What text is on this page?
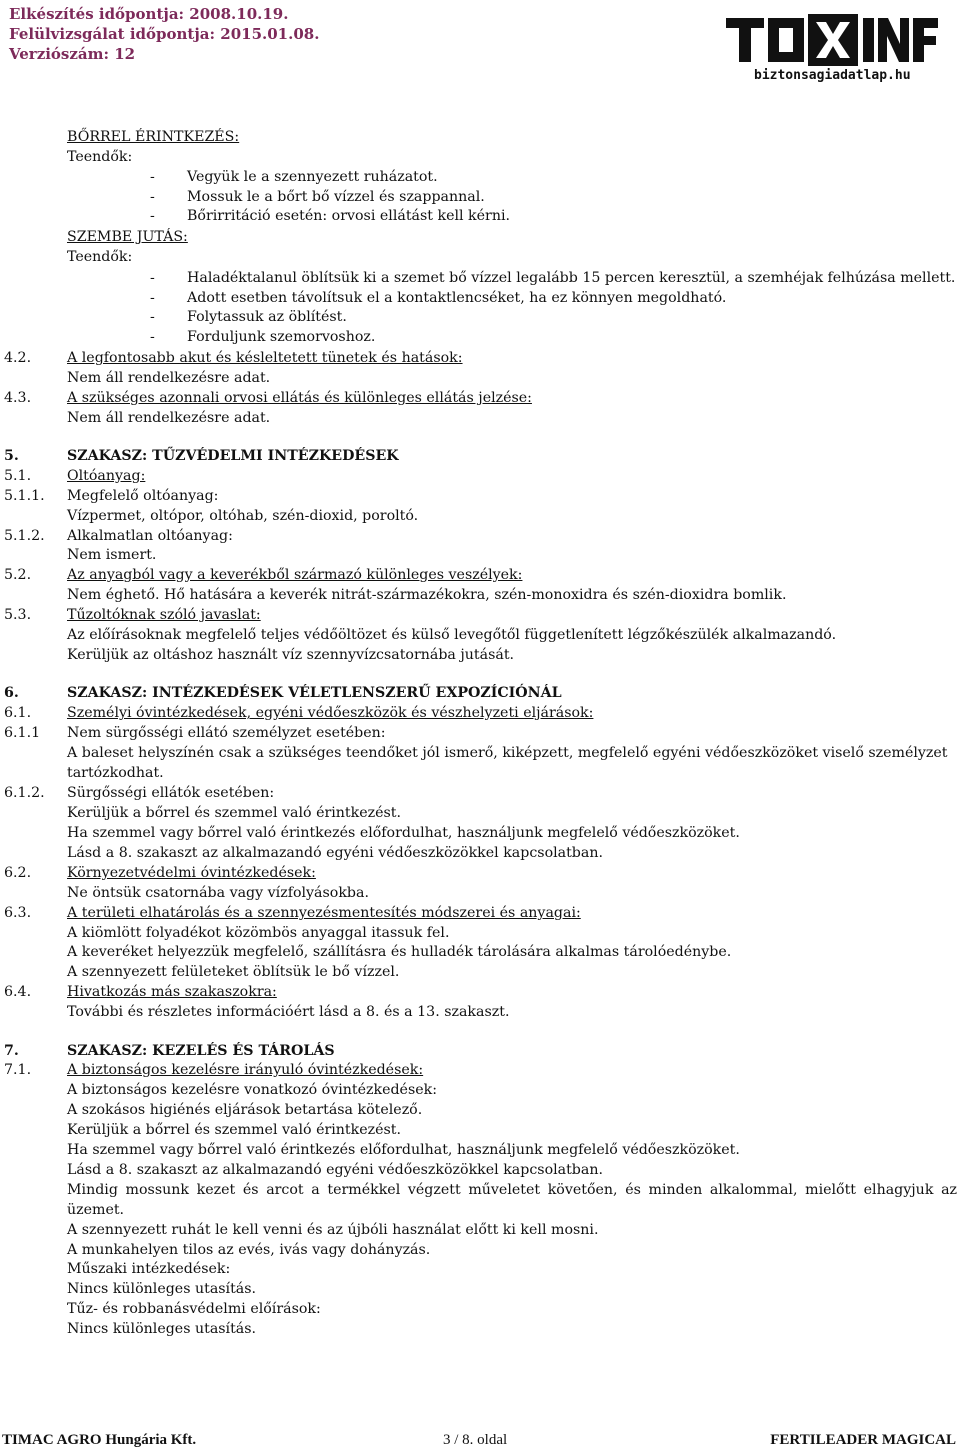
Elkészítés időpontja: 2008.10.19.
Felülvizsgálat időpontja: 2015.01.08.
Verziószám: 12
biztonsagiadatlap.hu
BŐRREL ÉRINTKEZÉS:
Teendők:
- Vegyük le a szennyezett ruházatot.
- Mossuk le a bőrt bő vízzel és szappannal.
- Bőrirritáció esetén: orvosi ellátást kell kérni.
SZEMBE JUTÁS:
Teendők:
- Haladéktalanul öblítsük ki a szemet bő vízzel legalább 15 percen keresztül, a szemhéjak felhúzása mellett.
- Adott esetben távolítsuk el a kontaktlencséket, ha ez könnyen megoldható.
- Folytassuk az öblítést.
- Forduljunk szemorvoshoz.
4.2.	A legfontosabb akut és késleltetett tünetek és hatások:
Nem áll rendelkezésre adat.
4.3.	A szükséges azonnali orvosi ellátás és különleges ellátás jelzése:
Nem áll rendelkezésre adat.
5.	SZAKASZ: TŰZVÉDELMI INTÉZKEDÉSEK
5.1.	Oltóanyag:
5.1.1. Megfelelő oltóanyag:
Vízpermet, oltópor, oltóhab, szén-dioxid, poroltó.
5.1.2. Alkalmatlan oltóanyag:
Nem ismert.
5.2.	Az anyagból vagy a keverékből származó különleges veszélyek:
Nem éghető. Hő hatására a keverék nitrát-származékokra, szén-monoxidra és szén-dioxidra bomlik.
5.3.	Tűzoltóknak szóló javaslat:
Az előírásoknak megfelelő teljes védőöltözet és külső levegőtől függetlenített légzőkészülék alkalmazandó.
Kerüljük az oltáshoz használt víz szennyvízcsatornába jutását.
6.	SZAKASZ: INTÉZKEDÉSEK VÉLETLENSZERŰ EXPOZÍCIÓNÁL
6.1.	Személyi óvintézkedések, egyéni védőeszközök és vészhelyzeti eljárások:
6.1.1 Nem sürgősségi ellátó személyzet esetében:
A baleset helyszínén csak a szükséges teendőket jól ismerő, kiképzett, megfelelő egyéni védőeszközöket viselő személyzet
tartózkodhat.
6.1.2. Sürgősségi ellátók esetében:
Kerüljük a bőrrel és szemmel való érintkezést.
Ha szemmel vagy bőrrel való érintkezés előfordulhat, használjunk megfelelő védőeszközöket.
Lásd a 8. szakaszt az alkalmazandó egyéni védőeszközökkel kapcsolatban.
6.2.	Környezetvédelmi óvintézkedések:
Ne öntsük csatornába vagy vízfolyásokba.
6.3.	A területi elhatárolás és a szennyezésmentesítés módszerei és anyagai:
A kiömlött folyadékot közömbös anyaggal itassuk fel.
A keveréket helyezzük megfelelő, szállításra és hulladék tárolására alkalmas tárolóedénybe.
A szennyezett felületeket öblítsük le bő vízzel.
6.4.	Hivatkozás más szakaszokra:
További és részletes információért lásd a 8. és a 13. szakaszt.
7.	SZAKASZ: KEZELÉS ÉS TÁROLÁS
7.1.	A biztonságos kezelésre irányuló óvintézkedések:
A biztonságos kezelésre vonatkozó óvintézkedések:
A szokásos higiénés eljárások betartása kötelező.
Kerüljük a bőrrel és szemmel való érintkezést.
Ha szemmel vagy bőrrel való érintkezés előfordulhat, használjunk megfelelő védőeszközöket.
Lásd a 8. szakaszt az alkalmazandó egyéni védőeszközökkel kapcsolatban.
Mindig mossunk kezet és arcot a termékkel végzett műveletet követően, és minden alkalommal, mielőtt elhagyjuk az
üzemet.
A szennyezett ruhát le kell venni és az újbóli használat előtt ki kell mosni.
A munkahelyen tilos az evés, ivás vagy dohányzás.
Műszaki intézkedések:
Nincs különleges utasítás.
Tűz- és robbanásvédelmi előírások:
Nincs különleges utasítás.
TIMAC AGRO Hungária Kft.	3 / 8. oldal	FERTILEADER MAGICAL
